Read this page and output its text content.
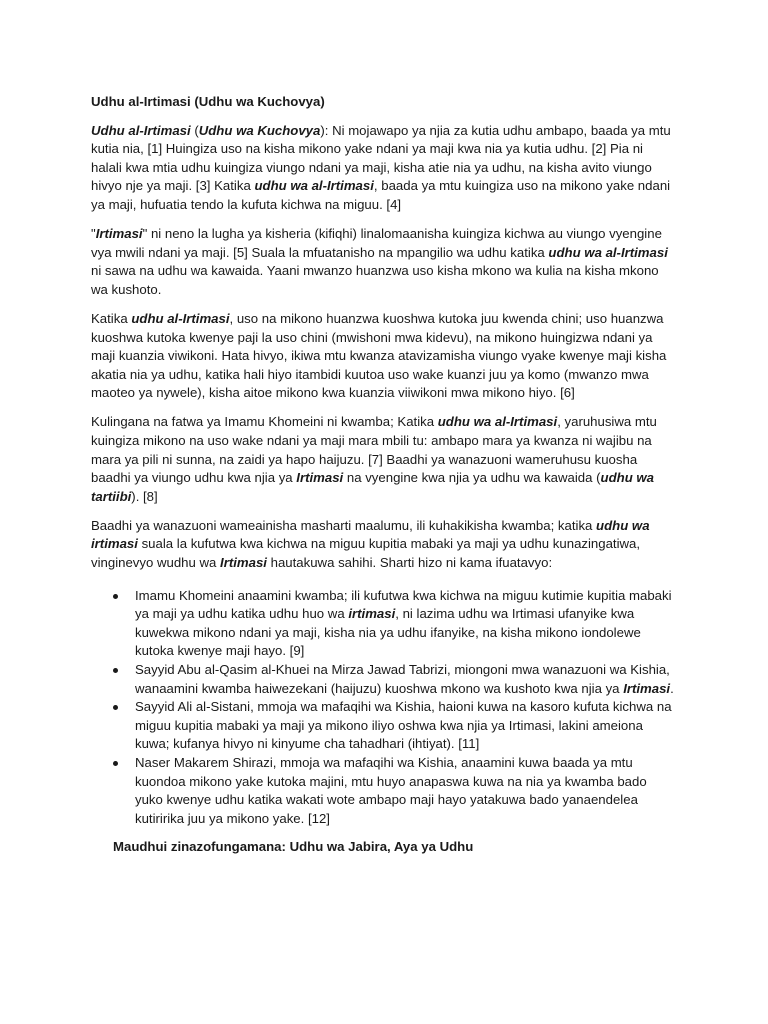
Udhu al-Irtimasi (Udhu wa Kuchovya)

Udhu al-Irtimasi (Udhu wa Kuchovya): Ni mojawapo ya njia za kutia udhu ambapo, baada ya mtu kutia nia, [1] Huingiza uso na kisha mikono yake ndani ya maji kwa nia ya kutia udhu. [2] Pia ni halali kwa mtia udhu kuingiza viungo ndani ya maji, kisha atie nia ya udhu, na kisha avito viungo hivyo nje ya maji. [3] Katika udhu wa al-Irtimasi, baada ya mtu kuingiza uso na mikono yake ndani ya maji, hufuatia tendo la kufuta kichwa na miguu. [4]

"Irtimasi" ni neno la lugha ya kisheria (kifiqhi) linalomaanisha kuingiza kichwa au viungo vyengine vya mwili ndani ya maji. [5] Suala la mfuatanisho na mpangilio wa udhu katika udhu wa al-Irtimasi ni sawa na udhu wa kawaida. Yaani mwanzo huanzwa uso kisha mkono wa kulia na kisha mkono wa kushoto.

Katika udhu al-Irtimasi, uso na mikono huanzwa kuoshwa kutoka juu kwenda chini; uso huanzwa kuoshwa kutoka kwenye paji la uso chini (mwishoni mwa kidevu), na mikono huingizwa ndani ya maji kuanzia viwikoni. Hata hivyo, ikiwa mtu kwanza atavizamisha viungo vyake kwenye maji kisha akatia nia ya udhu, katika hali hiyo itambidi kuutoa uso wake kuanzi juu ya komo (mwanzo mwa maoteo ya nywele), kisha aitoe mikono kwa kuanzia viiwikoni mwa mikono hiyo. [6]

Kulingana na fatwa ya Imamu Khomeini ni kwamba; Katika udhu wa al-Irtimasi, yaruhusiwa mtu kuingiza mikono na uso wake ndani ya maji mara mbili tu: ambapo mara ya kwanza ni wajibu na mara ya pili ni sunna, na zaidi ya hapo haijuzu. [7] Baadhi ya wanazuoni wameruhusu kuosha baadhi ya viungo udhu kwa njia ya Irtimasi na vyengine kwa njia ya udhu wa kawaida (udhu wa tartiibi). [8]

Baadhi ya wanazuoni wameainisha masharti maalumu, ili kuhakikisha kwamba; katika udhu wa irtimasi suala la kufutwa kwa kichwa na miguu kupitia mabaki ya maji ya udhu kunazingatiwa, vinginevyo wudhu wa Irtimasi hautakuwa sahihi. Sharti hizo ni kama ifuatavyo:

Imamu Khomeini anaamini kwamba; ili kufutwa kwa kichwa na miguu kutimie kupitia mabaki ya maji ya udhu katika udhu huo wa irtimasi, ni lazima udhu wa Irtimasi ufanyike kwa kuwekwa mikono ndani ya maji, kisha nia ya udhu ifanyike, na kisha mikono iondolewe kutoka kwenye maji hayo. [9]
Sayyid Abu al-Qasim al-Khuei na Mirza Jawad Tabrizi, miongoni mwa wanazuoni wa Kishia, wanaamini kwamba haiwezekani (haijuzu) kuoshwa mkono wa kushoto kwa njia ya Irtimasi.
Sayyid Ali al-Sistani, mmoja wa mafaqihi wa Kishia, haioni kuwa na kasoro kufuta kichwa na miguu kupitia mabaki ya maji ya mikono iliyo oshwa kwa njia ya Irtimasi, lakini ameiona kuwa; kufanya hivyo ni kinyume cha tahadhari (ihtiyat). [11]
Naser Makarem Shirazi, mmoja wa mafaqihi wa Kishia, anaamini kuwa baada ya mtu kuondoa mikono yake kutoka majini, mtu huyo anapaswa kuwa na nia ya kwamba bado yuko kwenye udhu katika wakati wote ambapo maji hayo yatakuwa bado yanaendelea kutiririka juu ya mikono yake. [12]

Maudhui zinazofungamana: Udhu wa Jabira, Aya ya Udhu
